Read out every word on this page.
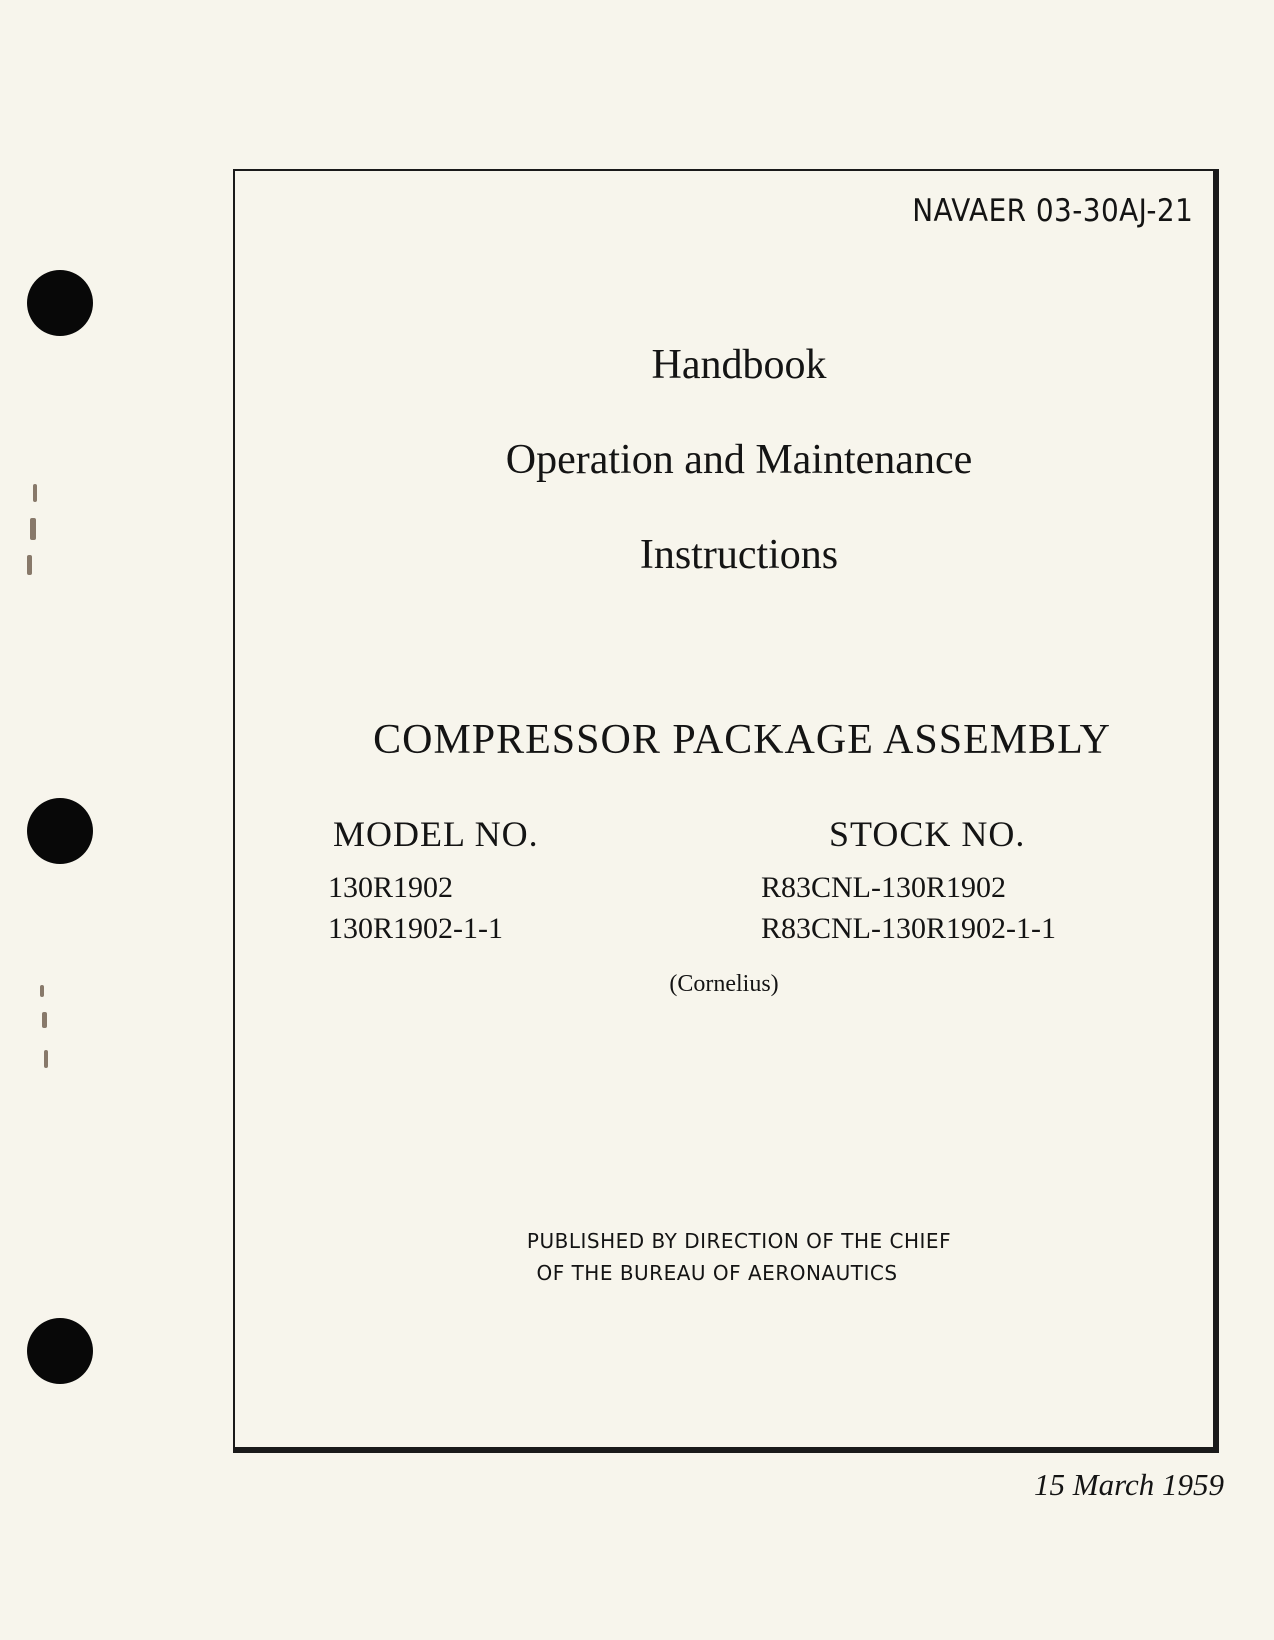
NAVAER 03-30AJ-21
Handbook
Operation and Maintenance
Instructions
COMPRESSOR PACKAGE ASSEMBLY
MODEL NO.	STOCK NO.
130R1902
130R1902-1-1
R83CNL-130R1902
R83CNL-130R1902-1-1
(Cornelius)
PUBLISHED BY DIRECTION OF THE CHIEF
OF THE BUREAU OF AERONAUTICS
15 March 1959
